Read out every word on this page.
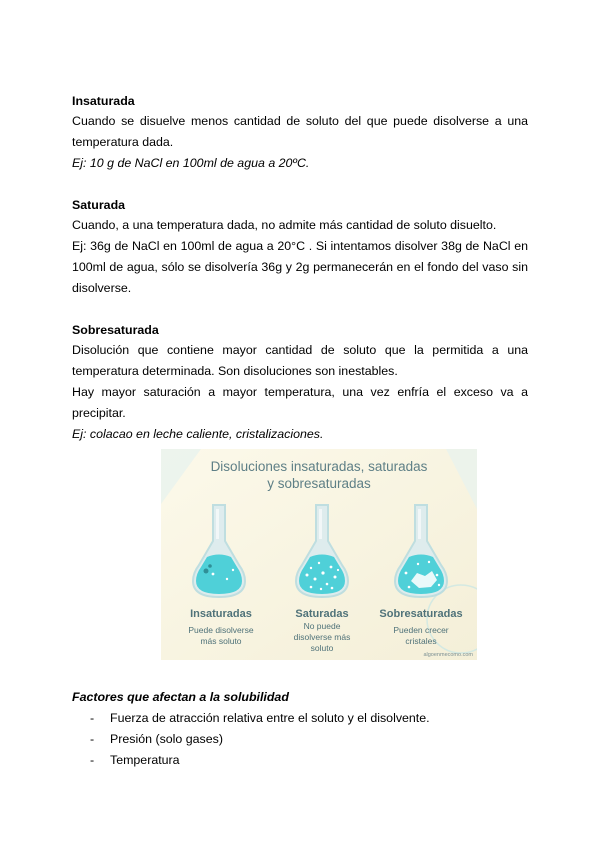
Insaturada

Cuando se disuelve menos cantidad de soluto del que puede disolverse a una temperatura dada.

Ej: 10 g de NaCl en 100ml de agua a 20ºC.

Saturada

Cuando, a una temperatura dada, no admite más cantidad de soluto disuelto.

Ej: 36g de NaCl en 100ml de agua a 20°C . Si intentamos disolver 38g de NaCl en 100ml de agua, sólo se disolvería 36g y 2g permanecerán en el fondo del vaso sin disolverse.

Sobresaturada

Disolución que contiene mayor cantidad de soluto que la permitida a una temperatura determinada. Son disoluciones son inestables.

Hay mayor saturación a mayor temperatura, una vez enfría el exceso va a precipitar.

Ej: colacao en leche caliente, cristalizaciones.

Disoluciones insaturadas, saturadas
y sobresaturadas
Insaturadas
Puede disolverse
más soluto
Saturadas
No puede
disolverse más
soluto
Sobresaturadas
Pueden crecer
cristales
algoenmecomo.com
Factores que afectan a la solubilidad
- Fuerza de atracción relativa entre el soluto y el disolvente.
- Presión (solo gases)
- Temperatura
